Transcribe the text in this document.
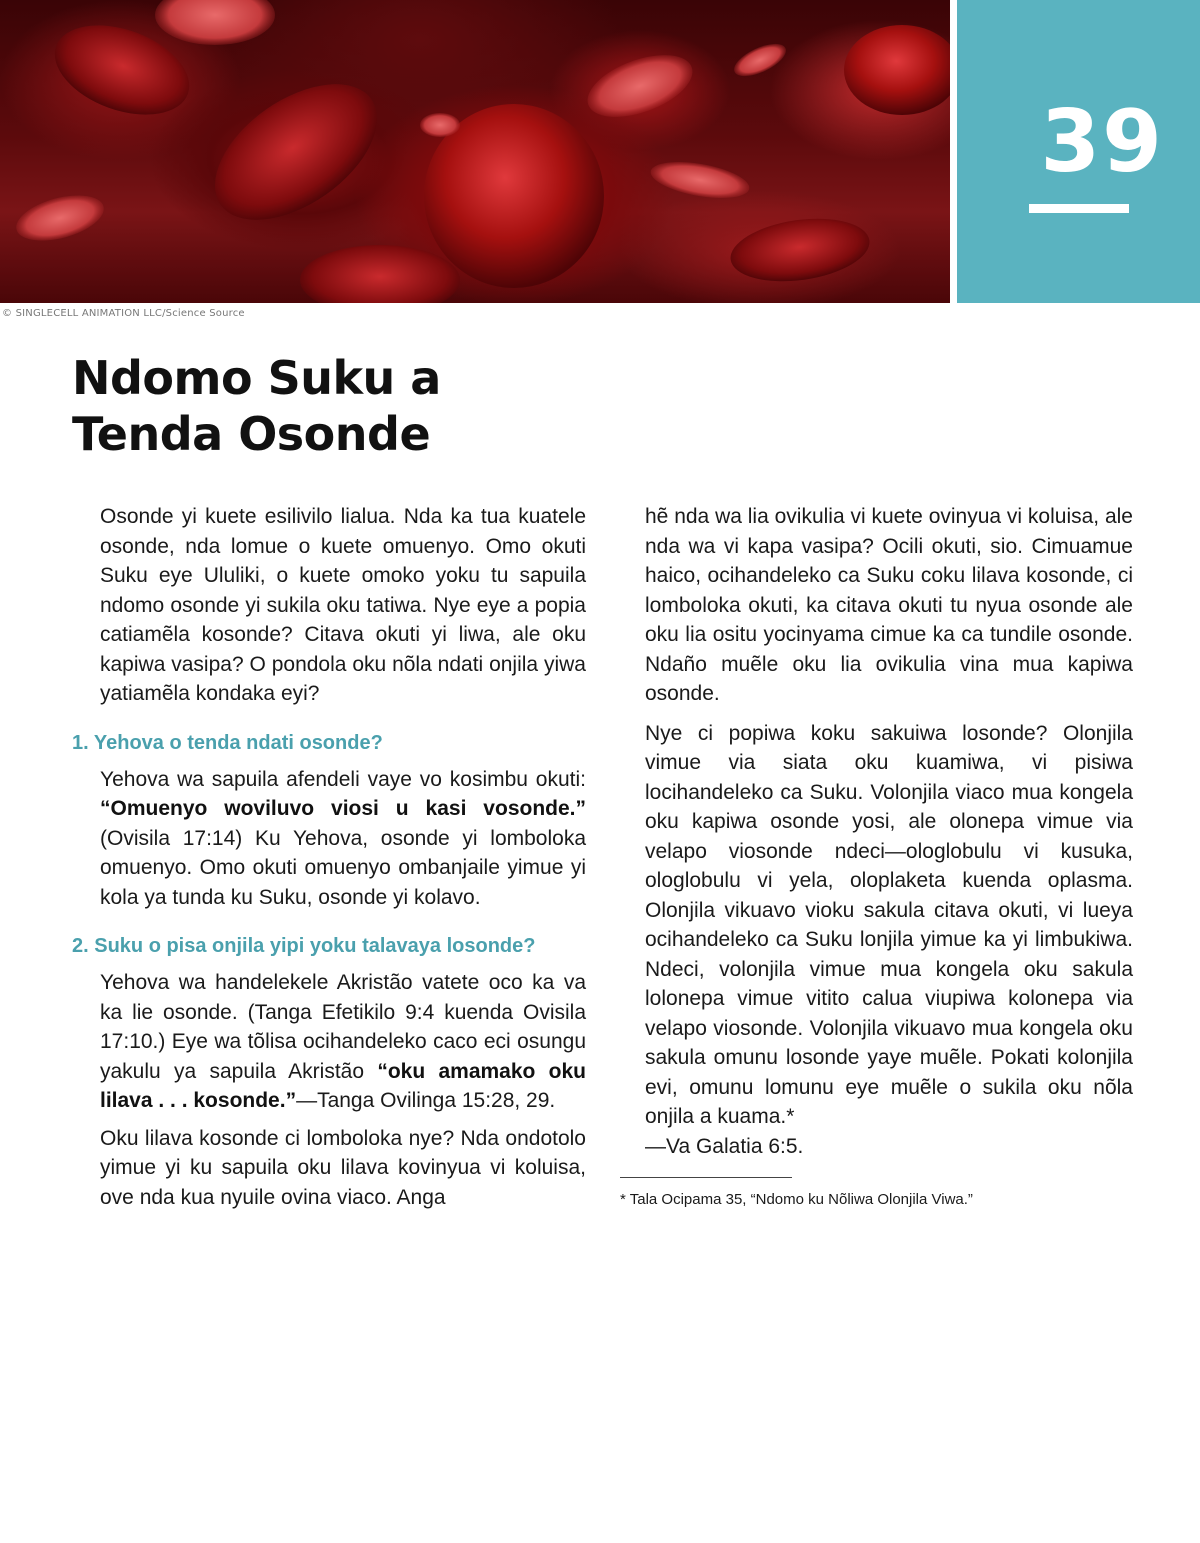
39
© SINGLECELL ANIMATION LLC/Science Source
Ndomo Suku a
Tenda Osonde

Osonde yi kuete esilivilo lialua. Nda ka tua kuatele osonde, nda lomue o kuete omuenyo. Omo okuti Suku eye Ululiki, o kuete omoko yoku tu sapuila ndomo osonde yi sukila oku tatiwa. Nye eye a popia catiamẽla kosonde? Citava okuti yi liwa, ale oku kapiwa vasipa? O pondola oku nõla ndati onjila yiwa yatiamẽla kondaka eyi?

1. Yehova o tenda ndati osonde?

Yehova wa sapuila afendeli vaye vo kosimbu okuti: “Omuenyo woviluvo viosi u kasi vosonde.” (Ovisila 17:14) Ku Yehova, osonde yi lomboloka omuenyo. Omo okuti omuenyo ombanjaile yimue yi kola ya tunda ku Suku, osonde yi kolavo.

2. Suku o pisa onjila yipi yoku talavaya losonde?

Yehova wa handelekele Akristão vatete oco ka va ka lie osonde. (Tanga Efetikilo 9:4 kuenda Ovisila 17:10.) Eye wa tõlisa ocihandeleko caco eci osungu yakulu ya sapuila Akristão “oku amamako oku lilava . . . kosonde.”—Tanga Ovilinga 15:28, 29.

Oku lilava kosonde ci lomboloka nye? Nda ondotolo yimue yi ku sapuila oku lilava kovinyua vi koluisa, ove nda kua nyuile ovina viaco. Anga

hẽ nda wa lia ovikulia vi kuete ovinyua vi koluisa, ale nda wa vi kapa vasipa? Ocili okuti, sio. Cimuamue haico, ocihandeleko ca Suku coku lilava kosonde, ci lomboloka okuti, ka citava okuti tu nyua osonde ale oku lia ositu yocinyama cimue ka ca tundile osonde. Ndaño muẽle oku lia ovikulia vina mua kapiwa osonde.

Nye ci popiwa koku sakuiwa losonde? Olonjila vimue via siata oku kuamiwa, vi pisiwa locihandeleko ca Suku. Volonjila viaco mua kongela oku kapiwa osonde yosi, ale olonepa vimue via velapo viosonde ndeci—ologlobulu vi kusuka, ologlobulu vi yela, oloplaketa kuenda oplasma. Olonjila vikuavo vioku sakula citava okuti, vi lueya ocihandeleko ca Suku lonjila yimue ka yi limbukiwa. Ndeci, volonjila vimue mua kongela oku sakula lolonepa vimue vitito calua viupiwa kolonepa via velapo viosonde. Volonjila vikuavo mua kongela oku sakula omunu losonde yaye muẽle. Pokati kolonjila evi, omunu lomunu eye muẽle o sukila oku nõla onjila a kuama.*
—Va Galatia 6:5.

* Tala Ocipama 35, “Ndomo ku Nõliwa Olonjila Viwa.”
